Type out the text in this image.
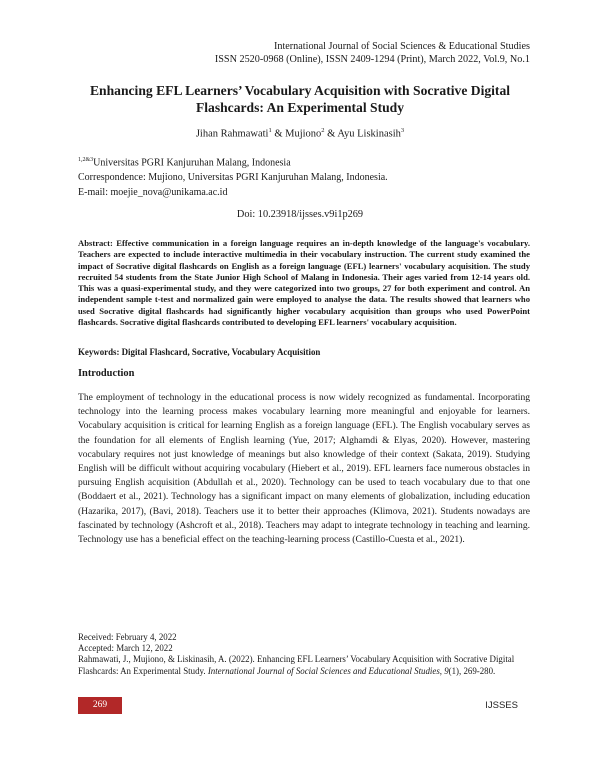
International Journal of Social Sciences & Educational Studies
ISSN 2520-0968 (Online), ISSN 2409-1294 (Print), March 2022, Vol.9, No.1
Enhancing EFL Learners’ Vocabulary Acquisition with Socrative Digital
Flashcards: An Experimental Study
Jihan Rahmawati$^1$ & Mujiono$^2$ & Ayu Liskinasih$^3$
$^{1,2\&3}$Universitas PGRI Kanjuruhan Malang, Indonesia
Correspondence: Mujiono, Universitas PGRI Kanjuruhan Malang, Indonesia.
E-mail: moejie_nova@unikama.ac.id
Doi: 10.23918/ijsses.v9i1p269
Abstract: Effective communication in a foreign language requires an in-depth knowledge of the language's vocabulary. Teachers are expected to include interactive multimedia in their vocabulary instruction. The current study examined the impact of Socrative digital flashcards on English as a foreign language (EFL) learners' vocabulary acquisition. The study recruited 54 students from the State Junior High School of Malang in Indonesia. Their ages varied from 12-14 years old. This was a quasi-experimental study, and they were categorized into two groups, 27 for both experiment and control. An independent sample t-test and normalized gain were employed to analyse the data. The results showed that learners who used Socrative digital flashcards had significantly higher vocabulary acquisition than groups who used PowerPoint flashcards. Socrative digital flashcards contributed to developing EFL learners' vocabulary acquisition.
Keywords: Digital Flashcard, Socrative, Vocabulary Acquisition
Introduction
The employment of technology in the educational process is now widely recognized as fundamental. Incorporating technology into the learning process makes vocabulary learning more meaningful and enjoyable for learners. Vocabulary acquisition is critical for learning English as a foreign language (EFL). The English vocabulary serves as the foundation for all elements of English learning (Yue, 2017; Alghamdi & Elyas, 2020). However, mastering vocabulary requires not just knowledge of meanings but also knowledge of their context (Sakata, 2019). Studying English will be difficult without acquiring vocabulary (Hiebert et al., 2019). EFL learners face numerous obstacles in pursuing English acquisition (Abdullah et al., 2020). Technology can be used to teach vocabulary due to that one (Boddaert et al., 2021). Technology has a significant impact on many elements of globalization, including education (Hazarika, 2017), (Bavi, 2018). Teachers use it to better their approaches (Klimova, 2021). Students nowadays are fascinated by technology (Ashcroft et al., 2018). Teachers may adapt to integrate technology in teaching and learning. Technology use has a beneficial effect on the teaching-learning process (Castillo-Cuesta et al., 2021).
Received: February 4, 2022
Accepted: March 12, 2022
Rahmawati, J., Mujiono, & Liskinasih, A. (2022). Enhancing EFL Learners’ Vocabulary Acquisition with Socrative Digital Flashcards: An Experimental Study. International Journal of Social Sciences and Educational Studies, 9(1), 269-280.
269	IJSSES
